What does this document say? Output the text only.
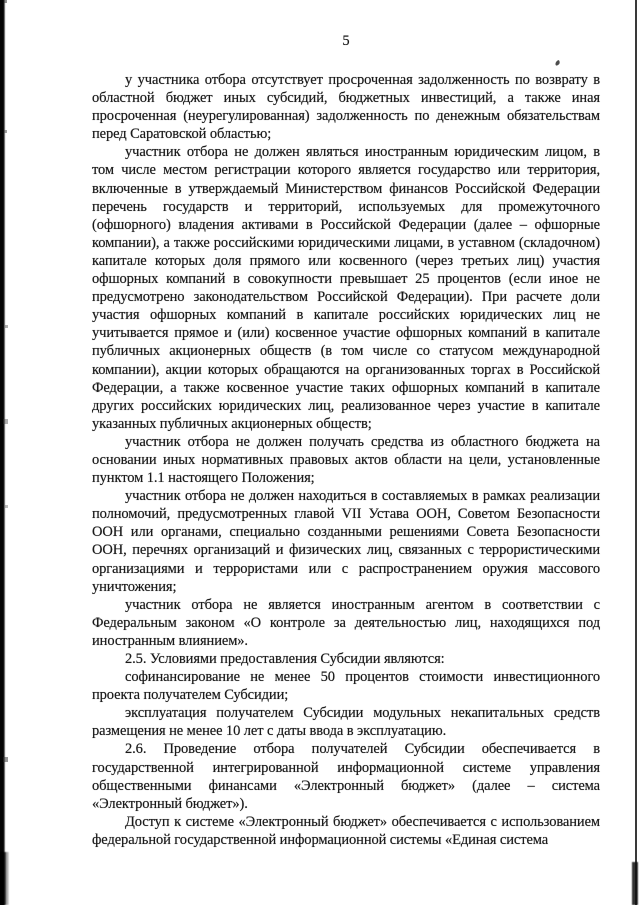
5

у участника отбора отсутствует просроченная задолженность по возврату в областной бюджет иных субсидий, бюджетных инвестиций, а также иная просроченная (неурегулированная) задолженность по денежным обязательствам перед Саратовской областью;

участник отбора не должен являться иностранным юридическим лицом, в том числе местом регистрации которого является государство или территория, включенные в утверждаемый Министерством финансов Российской Федерации перечень государств и территорий, используемых для промежуточного (офшорного) владения активами в Российской Федерации (далее – офшорные компании), а также российскими юридическими лицами, в уставном (складочном) капитале которых доля прямого или косвенного (через третьих лиц) участия офшорных компаний в совокупности превышает 25 процентов (если иное не предусмотрено законодательством Российской Федерации). При расчете доли участия офшорных компаний в капитале российских юридических лиц не учитывается прямое и (или) косвенное участие офшорных компаний в капитале публичных акционерных обществ (в том числе со статусом международной компании), акции которых обращаются на организованных торгах в Российской Федерации, а также косвенное участие таких офшорных компаний в капитале других российских юридических лиц, реализованное через участие в капитале указанных публичных акционерных обществ;

участник отбора не должен получать средства из областного бюджета на основании иных нормативных правовых актов области на цели, установленные пунктом 1.1 настоящего Положения;

участник отбора не должен находиться в составляемых в рамках реализации полномочий, предусмотренных главой VII Устава ООН, Советом Безопасности ООН или органами, специально созданными решениями Совета Безопасности ООН, перечнях организаций и физических лиц, связанных с террористическими организациями и террористами или с распространением оружия массового уничтожения;

участник отбора не является иностранным агентом в соответствии с Федеральным законом «О контроле за деятельностью лиц, находящихся под иностранным влиянием».

2.5. Условиями предоставления Субсидии являются:

софинансирование не менее 50 процентов стоимости инвестиционного проекта получателем Субсидии;

эксплуатация получателем Субсидии модульных некапитальных средств размещения не менее 10 лет с даты ввода в эксплуатацию.

2.6. Проведение отбора получателей Субсидии обеспечивается в государственной интегрированной информационной системе управления общественными финансами «Электронный бюджет» (далее – система «Электронный бюджет»).

Доступ к системе «Электронный бюджет» обеспечивается с использованием федеральной государственной информационной системы «Единая система
